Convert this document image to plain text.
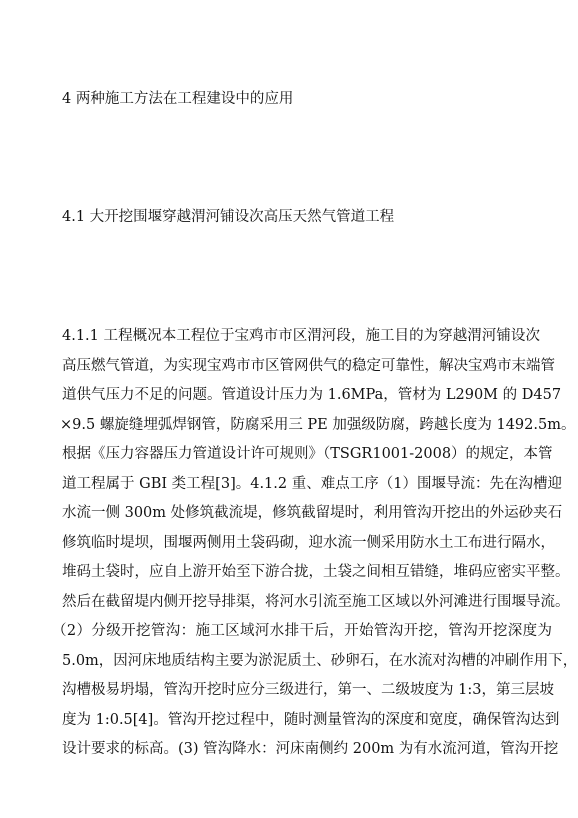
4 两种施工方法在工程建设中的应用
4.1 大开挖围堰穿越渭河铺设次高压天然气管道工程
4.1.1 工程概况本工程位于宝鸡市市区渭河段，施工目的为穿越渭河铺设次
高压燃气管道，为实现宝鸡市市区管网供气的稳定可靠性，解决宝鸡市末端管
道供气压力不足的问题。管道设计压力为 1.6MPa，管材为 L290M 的 D457
×9.5 螺旋缝埋弧焊钢管，防腐采用三 PE 加强级防腐，跨越长度为 1492.5m。
根据《压力容器压力管道设计许可规则》（TSGR1001-2008）的规定，本管
道工程属于 GBI 类工程[3]。4.1.2 重、难点工序（1）围堰导流：先在沟槽迎
水流一侧 300m 处修筑截流堤，修筑截留堤时，利用管沟开挖出的外运砂夹石
修筑临时堤坝，围堰两侧用土袋码砌，迎水流一侧采用防水土工布进行隔水，
堆码土袋时，应自上游开始至下游合拢，土袋之间相互错缝，堆码应密实平整。
然后在截留堤内侧开挖导排渠，将河水引流至施工区域以外河滩进行围堰导流。
（2）分级开挖管沟：施工区域河水排干后，开始管沟开挖，管沟开挖深度为
5.0m，因河床地质结构主要为淤泥质土、砂卵石，在水流对沟槽的冲刷作用下，
沟槽极易坍塌，管沟开挖时应分三级进行，第一、二级坡度为 1:3，第三层坡
度为 1:0.5[4]。管沟开挖过程中，随时测量管沟的深度和宽度，确保管沟达到
设计要求的标高。(3) 管沟降水：河床南侧约 200m 为有水流河道，管沟开挖
